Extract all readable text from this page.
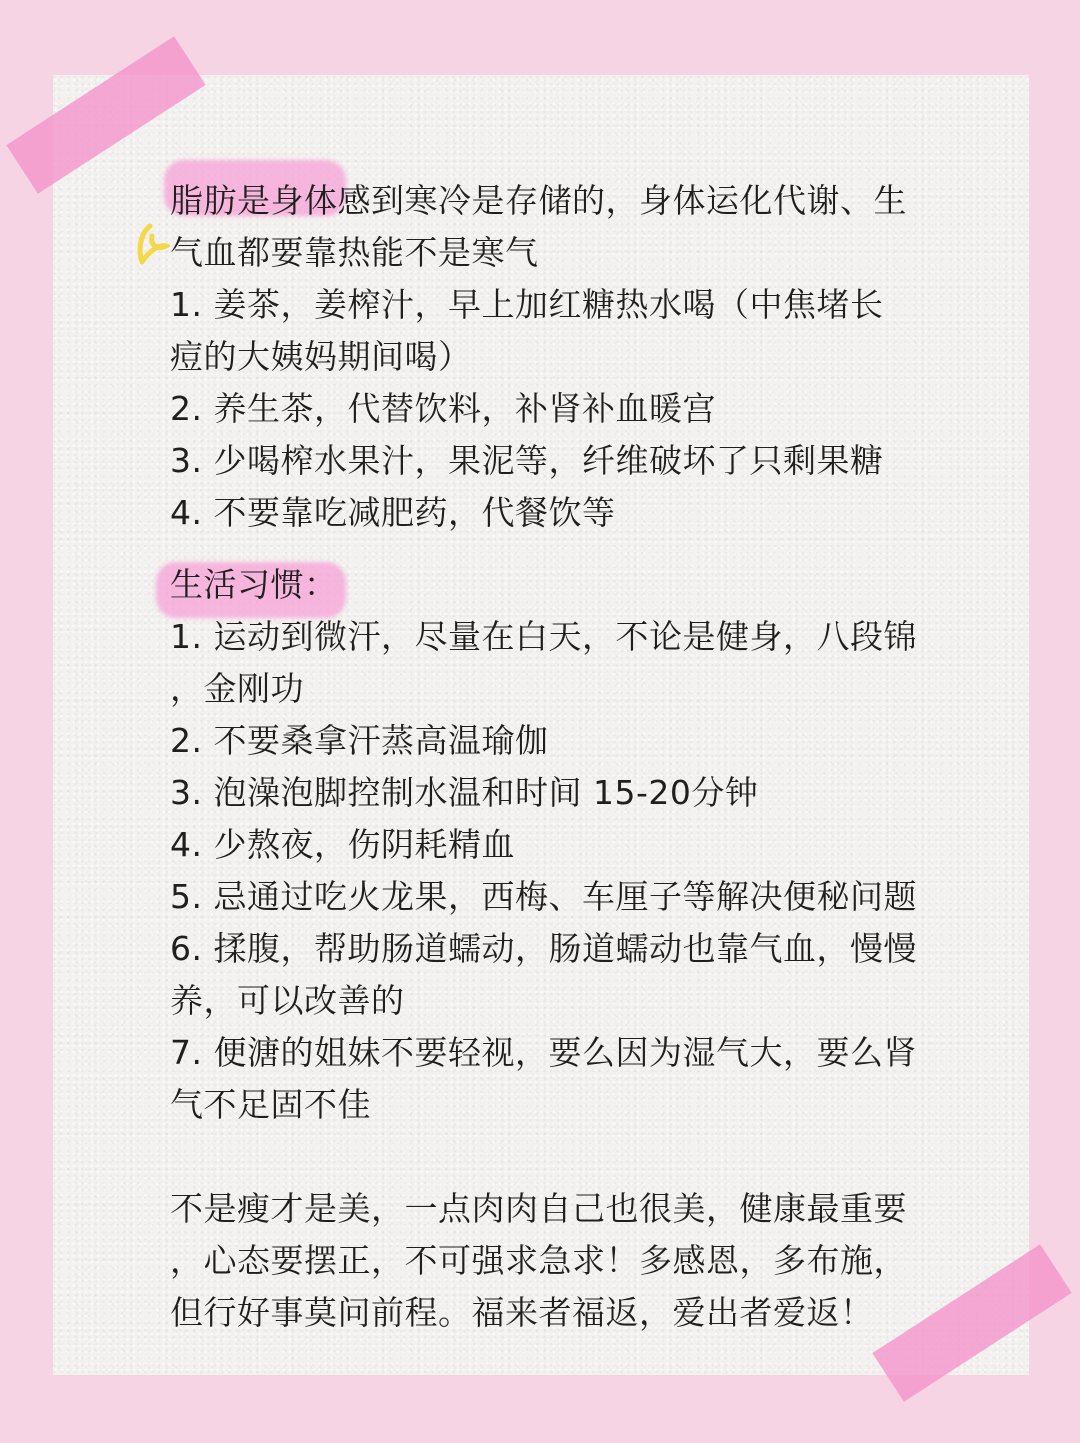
脂肪是身体感到寒冷是存储的，身体运化代谢、生
气血都要靠热能不是寒气
1. 姜茶，姜榨汁，早上加红糖热水喝（中焦堵长
痘的大姨妈期间喝）
2. 养生茶，代替饮料，补肾补血暖宫
3. 少喝榨水果汁，果泥等，纤维破坏了只剩果糖
4. 不要靠吃减肥药，代餐饮等
生活习惯：
1. 运动到微汗，尽量在白天，不论是健身，八段锦
，金刚功
2. 不要桑拿汗蒸高温瑜伽
3. 泡澡泡脚控制水温和时间 15-20分钟
4. 少熬夜，伤阴耗精血
5. 忌通过吃火龙果，西梅、车厘子等解决便秘问题
6. 揉腹，帮助肠道蠕动，肠道蠕动也靠气血，慢慢
养，可以改善的
7. 便溏的姐妹不要轻视，要么因为湿气大，要么肾
气不足固不佳
不是瘦才是美，一点肉肉自己也很美，健康最重要
，心态要摆正，不可强求急求！多感恩，多布施，
但行好事莫问前程。福来者福返，爱出者爱返！
